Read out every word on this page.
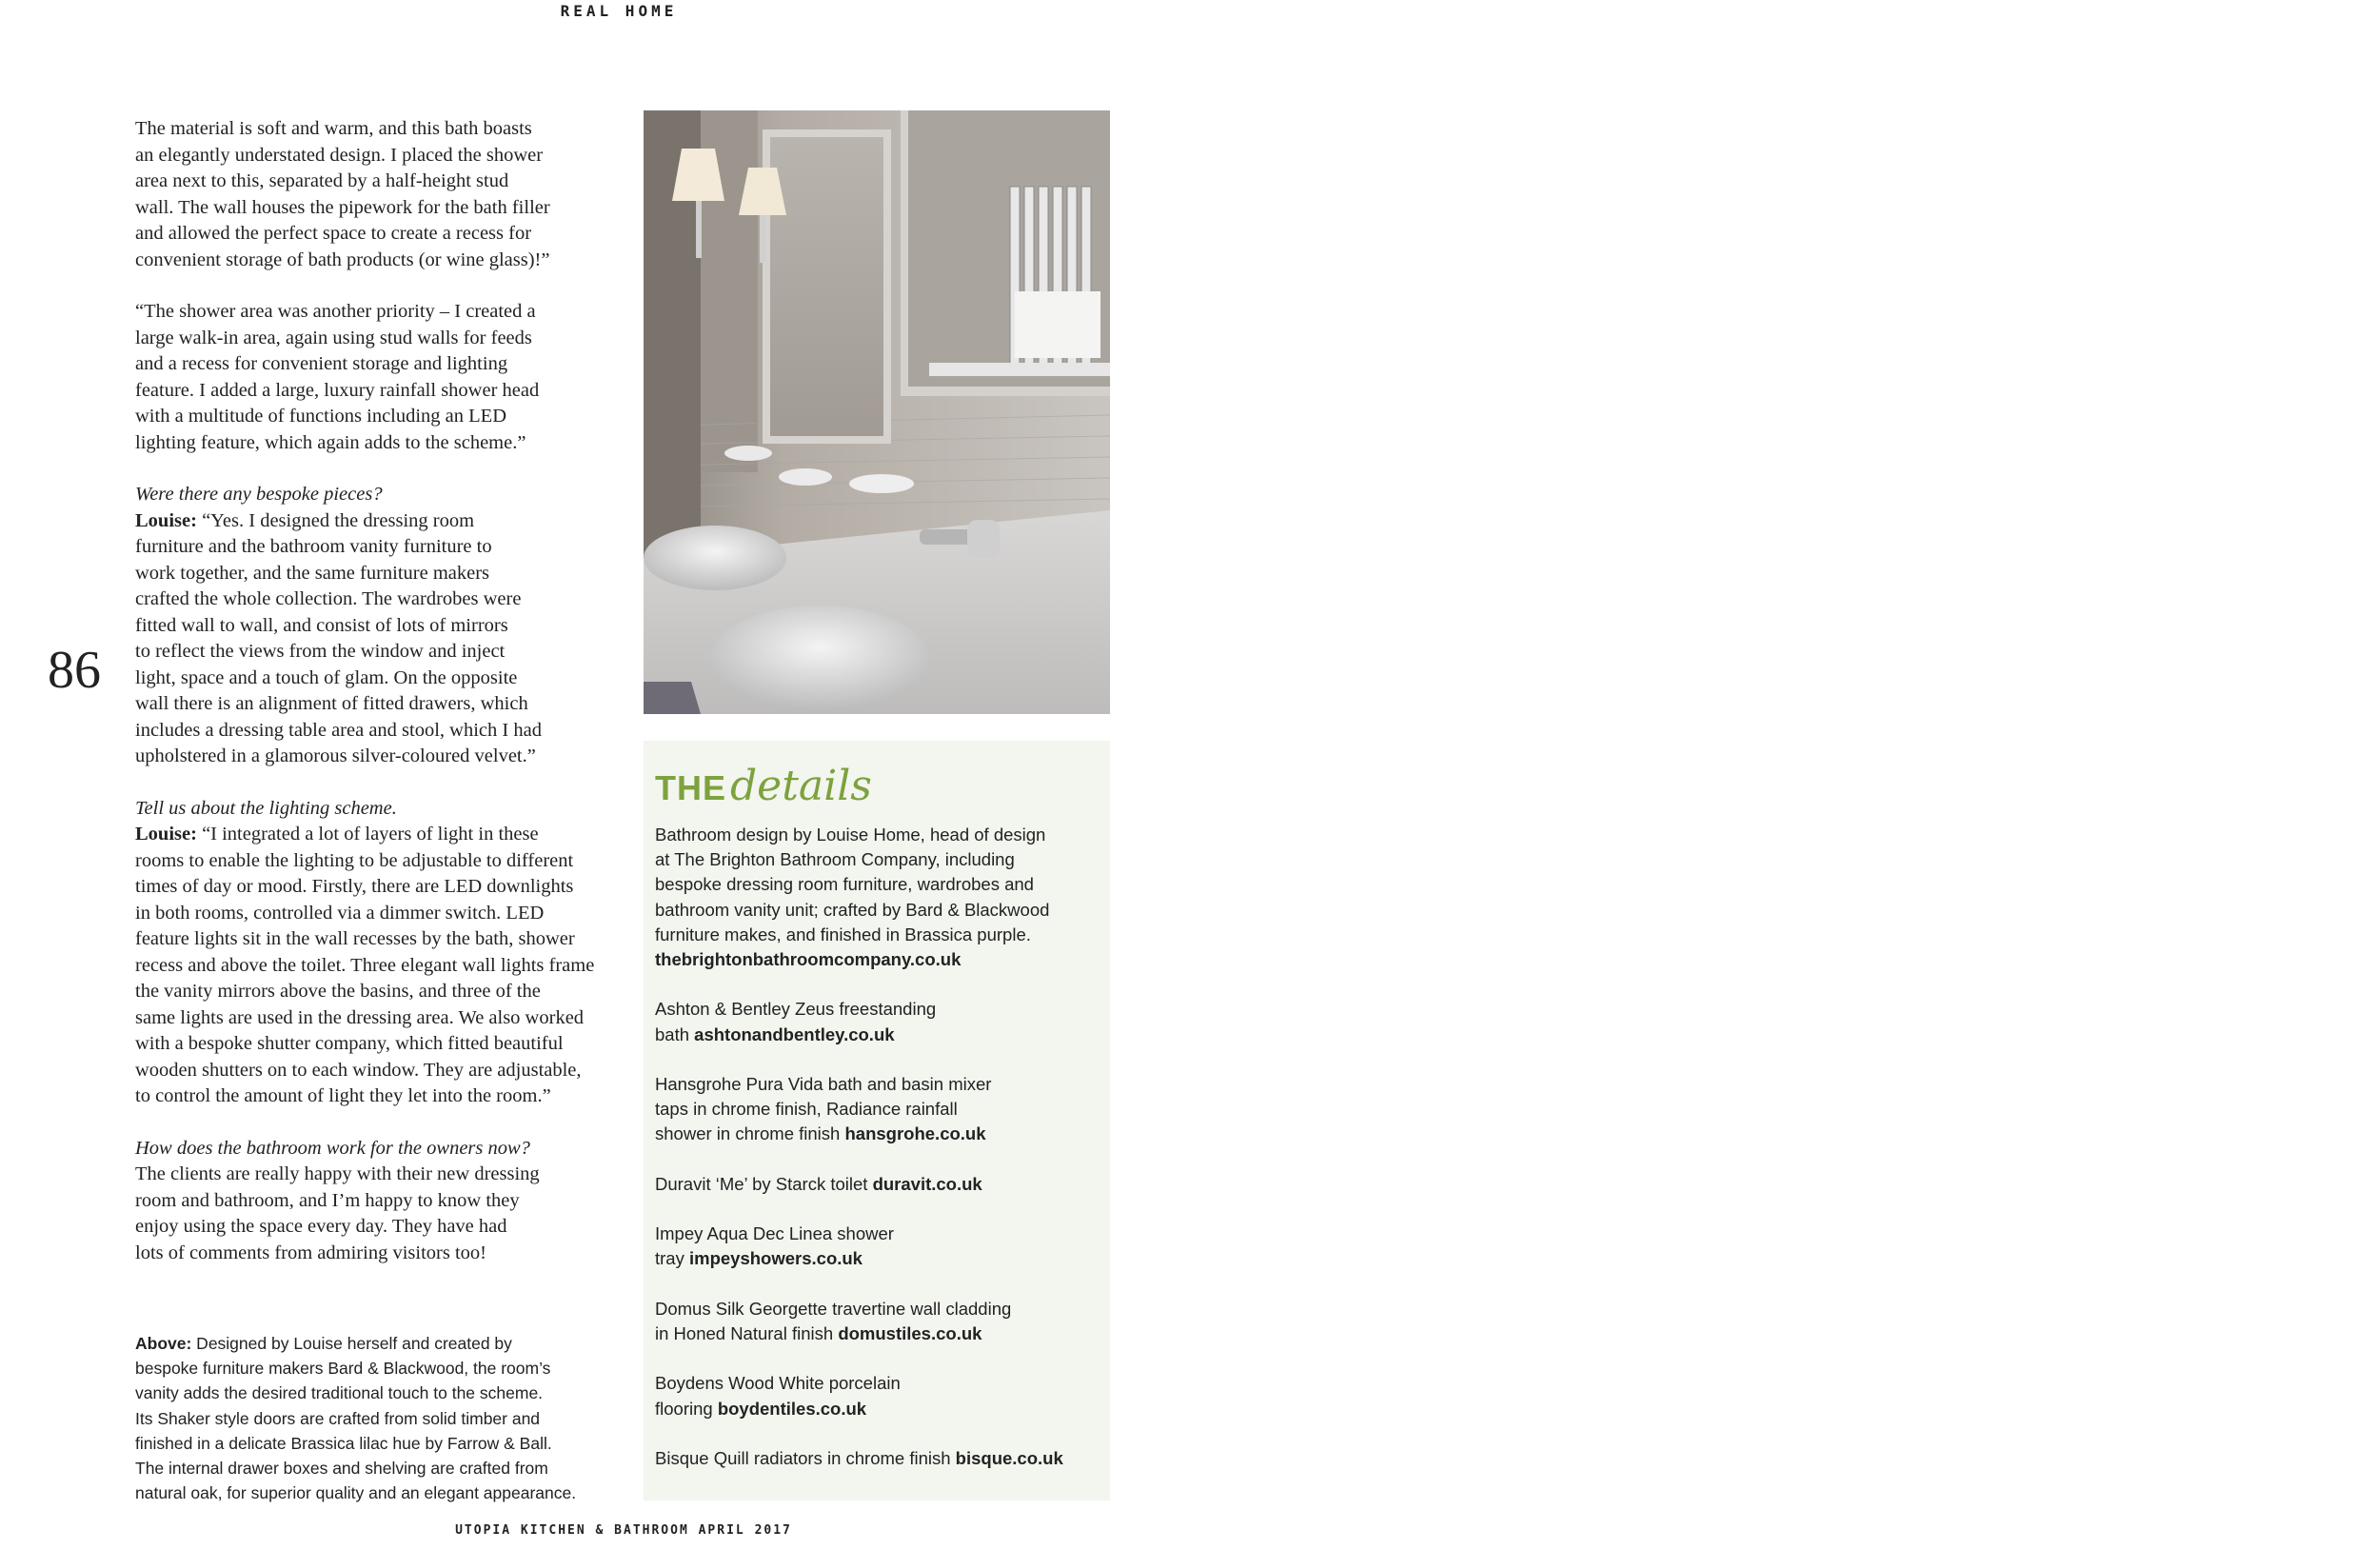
REAL HOME
86

The material is soft and warm, and this bath boasts
an elegantly understated design. I placed the shower
area next to this, separated by a half-height stud
wall. The wall houses the pipework for the bath filler
and allowed the perfect space to create a recess for
convenient storage of bath products (or wine glass)!”

“The shower area was another priority – I created a
large walk-in area, again using stud walls for feeds
and a recess for convenient storage and lighting
feature. I added a large, luxury rainfall shower head
with a multitude of functions including an LED
lighting feature, which again adds to the scheme.”

Were there any bespoke pieces?
Louise: “Yes. I designed the dressing room
furniture and the bathroom vanity furniture to
work together, and the same furniture makers
crafted the whole collection. The wardrobes were
fitted wall to wall, and consist of lots of mirrors
to reflect the views from the window and inject
light, space and a touch of glam. On the opposite
wall there is an alignment of fitted drawers, which
includes a dressing table area and stool, which I had
upholstered in a glamorous silver-coloured velvet.”

Tell us about the lighting scheme.
Louise: “I integrated a lot of layers of light in these
rooms to enable the lighting to be adjustable to different
times of day or mood. Firstly, there are LED downlights
in both rooms, controlled via a dimmer switch. LED
feature lights sit in the wall recesses by the bath, shower
recess and above the toilet. Three elegant wall lights frame
the vanity mirrors above the basins, and three of the
same lights are used in the dressing area. We also worked
with a bespoke shutter company, which fitted beautiful
wooden shutters on to each window. They are adjustable,
to control the amount of light they let into the room.”

How does the bathroom work for the owners now?
The clients are really happy with their new dressing
room and bathroom, and I’m happy to know they
enjoy using the space every day. They have had
lots of comments from admiring visitors too!

Above: Designed by Louise herself and created by
bespoke furniture makers Bard & Blackwood, the room’s
vanity adds the desired traditional touch to the scheme.
Its Shaker style doors are crafted from solid timber and
finished in a delicate Brassica lilac hue by Farrow & Ball.
The internal drawer boxes and shelving are crafted from
natural oak, for superior quality and an elegant appearance.
THE details
Bathroom design by Louise Home, head of design
at The Brighton Bathroom Company, including
bespoke dressing room furniture, wardrobes and
bathroom vanity unit; crafted by Bard & Blackwood
furniture makes, and finished in Brassica purple.
thebrightonbathroomcompany.co.uk
Ashton & Bentley Zeus freestanding
bath ashtonandbentley.co.uk
Hansgrohe Pura Vida bath and basin mixer
taps in chrome finish, Radiance rainfall
shower in chrome finish hansgrohe.co.uk
Duravit ‘Me’ by Starck toilet duravit.co.uk
Impey Aqua Dec Linea shower
tray impeyshowers.co.uk
Domus Silk Georgette travertine wall cladding
in Honed Natural finish domustiles.co.uk
Boydens Wood White porcelain
flooring boydentiles.co.uk
Bisque Quill radiators in chrome finish bisque.co.uk
UTOPIA KITCHEN & BATHROOM APRIL 2017
